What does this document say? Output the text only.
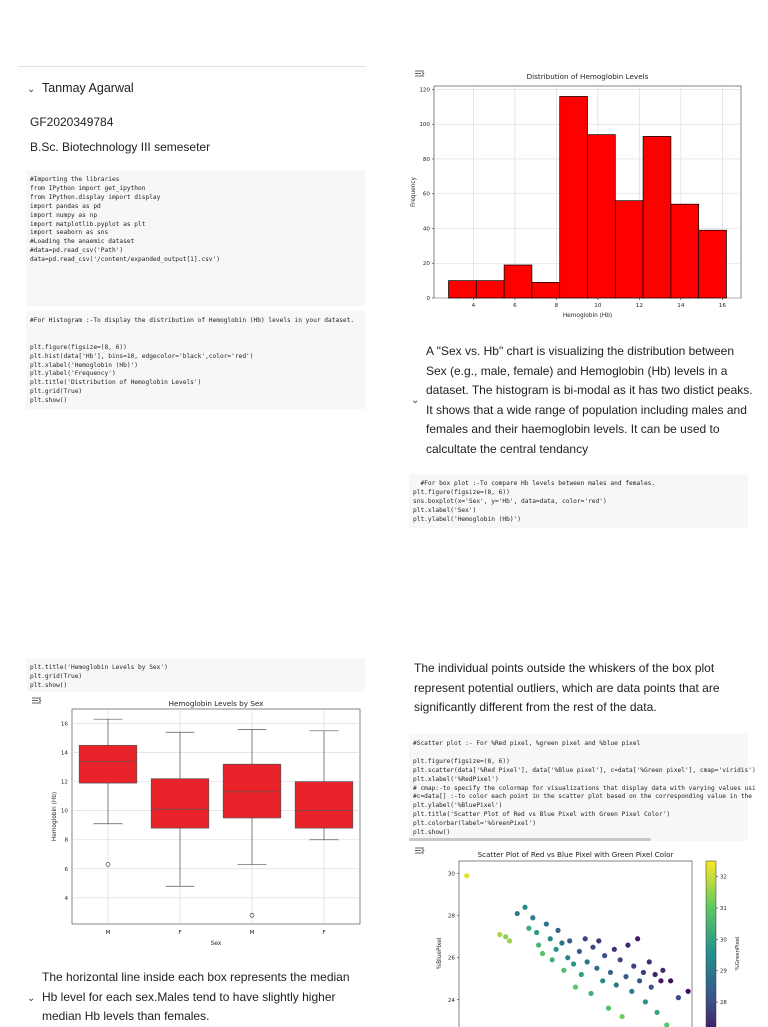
⌄ Tanmay Agarwal
GF2020349784
B.Sc. Biotechnology III semeseter
#Importing the libraries
from IPython import get_ipython
from IPython.display import display
import pandas as pd
import numpy as np
import matplotlib.pyplot as plt
import seaborn as sns
#Loading the anaemic dataset
#data=pd.read_csv('Path')
data=pd.read_csv('/content/expanded_output[1].csv')
#For Histogram :-To display the distribution of Hemoglobin (Hb) levels in your dataset.

plt.figure(figsize=(8, 6))
plt.hist(data['Hb'], bins=10, edgecolor='black',color='red')
plt.xlabel('Hemoglobin (Hb)')
plt.ylabel('Frequency')
plt.title('Distribution of Hemoglobin Levels')
plt.grid(True)
plt.show()
Distribution of Hemoglobin Levels
0
20
40
60
80
100
120
4	6	8	10	12	14	16
Hemoglobin (Hb)
Frequency
⌄
A "Sex vs. Hb" chart is visualizing the distribution between Sex (e.g., male, female) and Hemoglobin (Hb) levels in a dataset. The histogram is bi-modal as it has two distict peaks. It shows that a wide range of population including males and females and their haemoglobin levels. It can be used to calcultate the central tendancy
#For box plot :-To compare Hb levels between males and females.
plt.figure(figsize=(8, 6))
sns.boxplot(x='Sex', y='Hb', data=data, color='red')
plt.xlabel('Sex')
plt.ylabel('Hemoglobin (Hb)')
plt.title('Hemoglobin Levels by Sex')
plt.grid(True)
plt.show()
Hemoglobin Levels by Sex
4
6
8
10
12
14
16
M	F	M	F
Sex
Hemoglobin (Hb)
The horizontal line inside each box represents the median Hb level for each sex.Males tend to have slightly higher median Hb levels than females.
⌄
The individual points outside the whiskers of the box plot represent potential outliers, which are data points that are significantly different from the rest of the data.
#Scatter plot :- For %Red pixel, %green pixel and %blue pixel

plt.figure(figsize=(8, 6))
plt.scatter(data['%Red Pixel'], data['%Blue pixel'], c=data['%Green pixel'], cmap='viridis')
plt.xlabel('%RedPixel')
# cmap:-to specify the colormap for visualizations that display data with varying values usi
#c=data[] :-to color each point in the scatter plot based on the corresponding value in the
plt.ylabel('%BluePixel')
plt.title('Scatter Plot of Red vs Blue Pixel with Green Pixel Color')
plt.colorbar(label='%GreenPixel')
plt.show()
Scatter Plot of Red vs Blue Pixel with Green Pixel Color
24
26
28
30
%BluePixel
28
29
30
31
32
%GreenPixel
